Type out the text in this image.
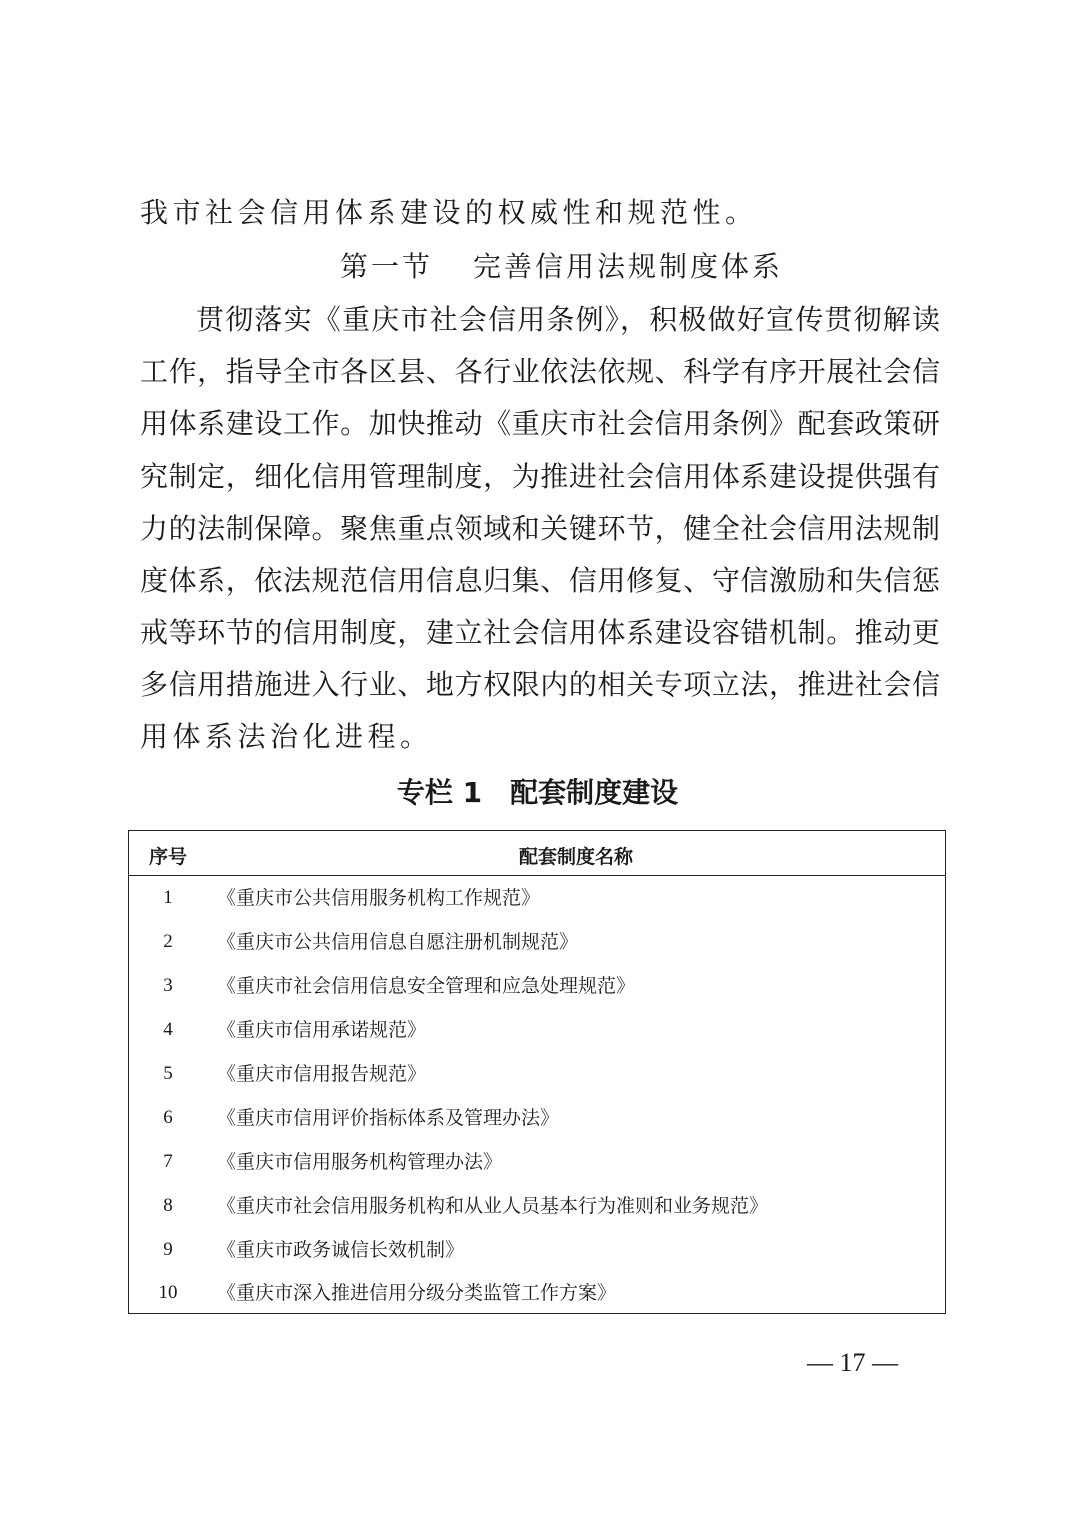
我市社会信用体系建设的权威性和规范性。
第一节 完善信用法规制度体系
贯彻落实《重庆市社会信用条例》，积极做好宣传贯彻解读
工作，指导全市各区县、各行业依法依规、科学有序开展社会信
用体系建设工作。加快推动《重庆市社会信用条例》配套政策研
究制定，细化信用管理制度，为推进社会信用体系建设提供强有
力的法制保障。聚焦重点领域和关键环节，健全社会信用法规制
度体系，依法规范信用信息归集、信用修复、守信激励和失信惩
戒等环节的信用制度，建立社会信用体系建设容错机制。推动更
多信用措施进入行业、地方权限内的相关专项立法，推进社会信
用体系法治化进程。
专栏 1 配套制度建设
序号	配套制度名称
1	《重庆市公共信用服务机构工作规范》
2	《重庆市公共信用信息自愿注册机制规范》
3	《重庆市社会信用信息安全管理和应急处理规范》
4	《重庆市信用承诺规范》
5	《重庆市信用报告规范》
6	《重庆市信用评价指标体系及管理办法》
7	《重庆市信用服务机构管理办法》
8	《重庆市社会信用服务机构和从业人员基本行为准则和业务规范》
9	《重庆市政务诚信长效机制》
10	《重庆市深入推进信用分级分类监管工作方案》
— 17 —
